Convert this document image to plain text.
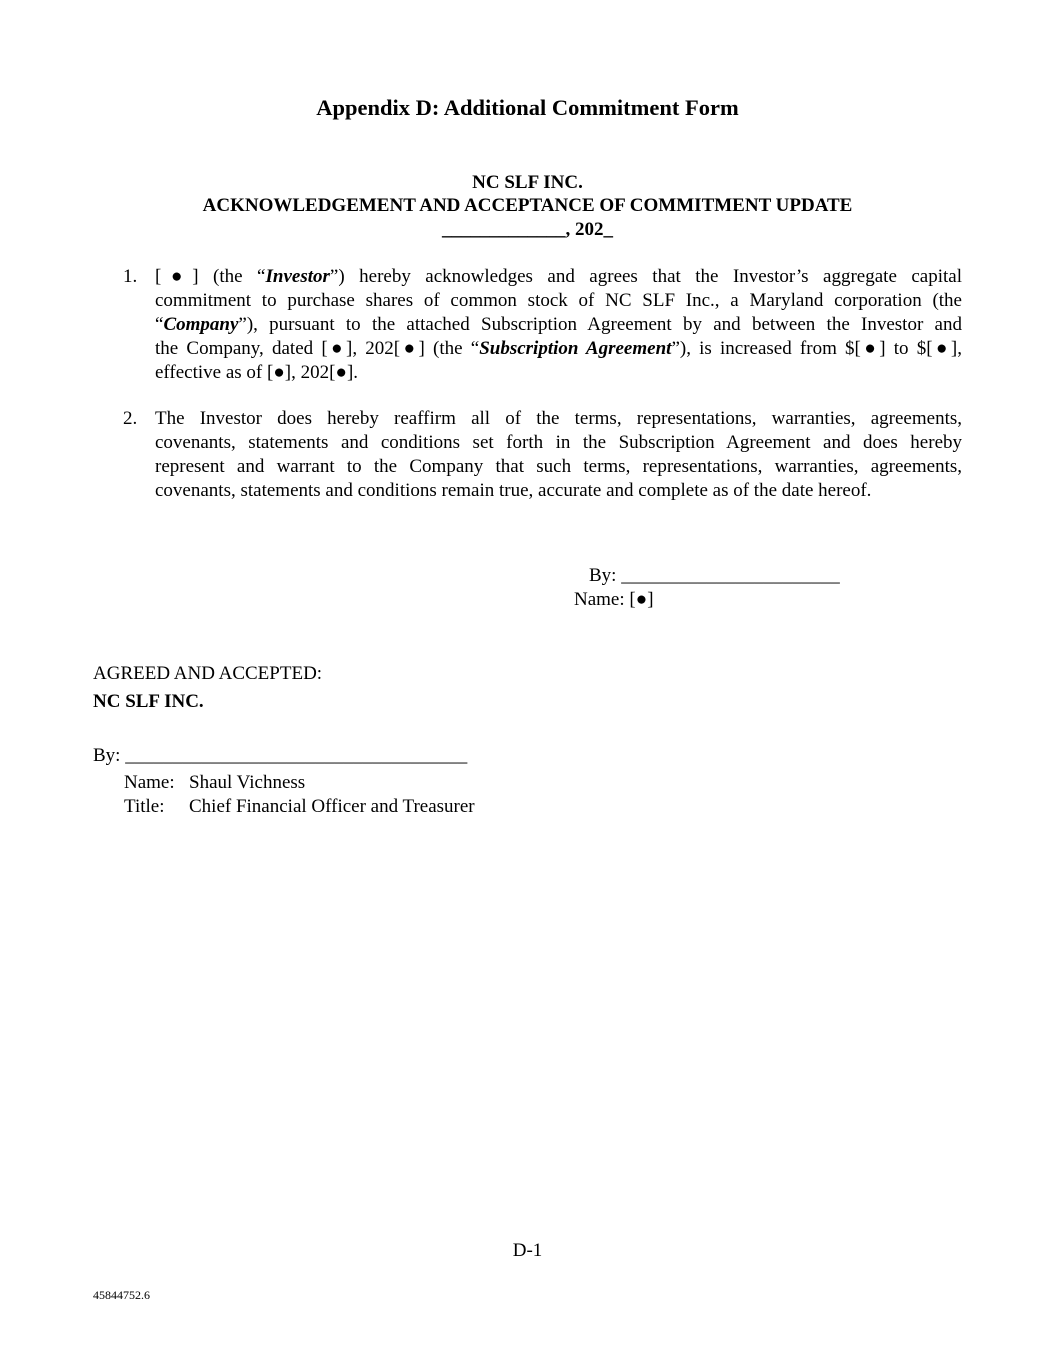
Appendix D: Additional Commitment Form
NC SLF INC.
ACKNOWLEDGEMENT AND ACCEPTANCE OF COMMITMENT UPDATE
_____________, 202_
1. [●] (the “Investor”) hereby acknowledges and agrees that the Investor’s aggregate capital
commitment to purchase shares of common stock of NC SLF Inc., a Maryland corporation (the
“Company”), pursuant to the attached Subscription Agreement by and between the Investor and
the Company, dated [●], 202[●] (the “Subscription Agreement”), is increased from $[●] to $[●],
effective as of [●], 202[●].
2. The Investor does hereby reaffirm all of the terms, representations, warranties, agreements,
covenants, statements and conditions set forth in the Subscription Agreement and does hereby
represent and warrant to the Company that such terms, representations, warranties, agreements,
covenants, statements and conditions remain true, accurate and complete as of the date hereof.
By: _______________________
Name: [●]
AGREED AND ACCEPTED:
NC SLF INC.
By: ____________________________________
Name: Shaul Vichness
Title: Chief Financial Officer and Treasurer
D-1
45844752.6
